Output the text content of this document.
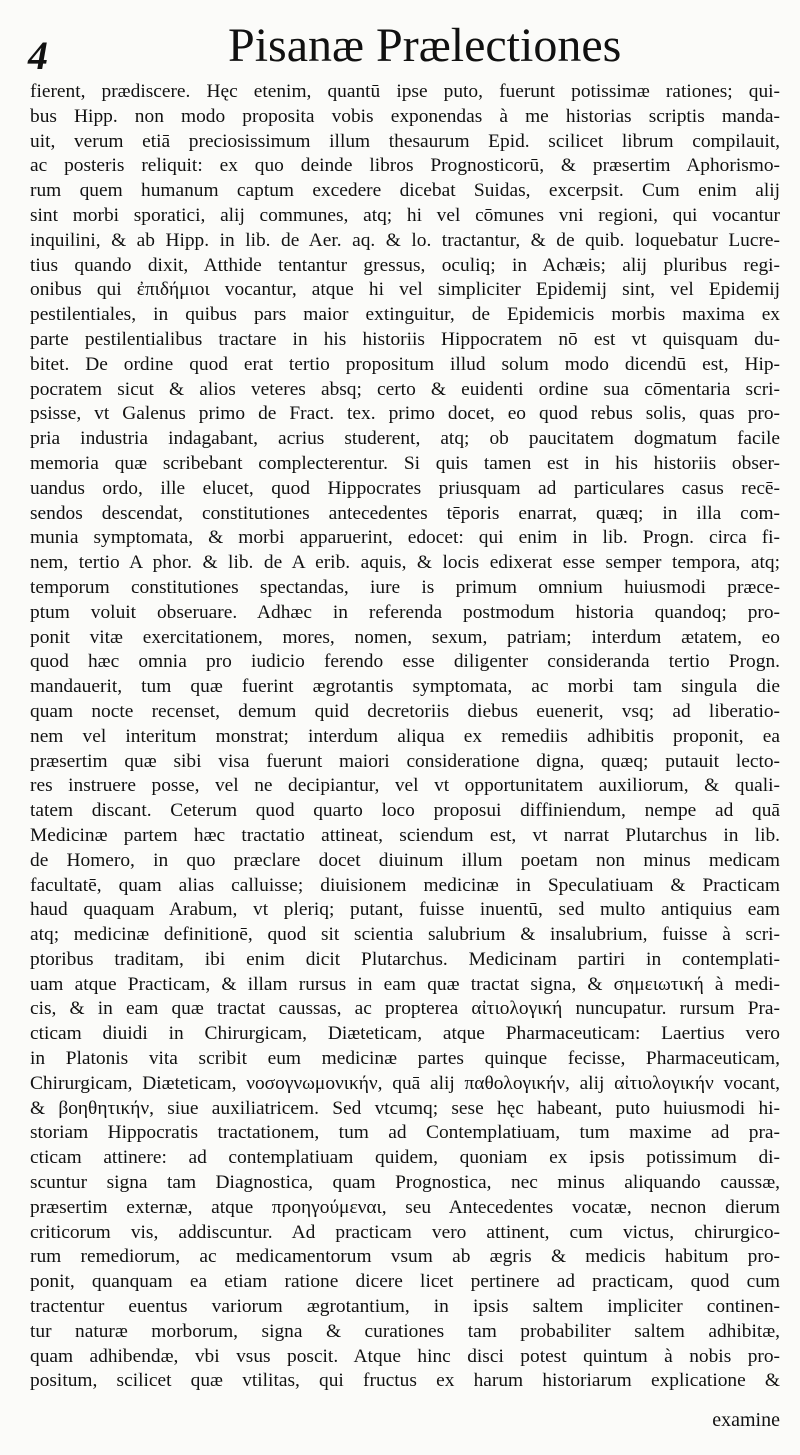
4	Pisanæ Prælectiones
fierent, prædiscere. Hęc etenim, quantū ipse puto, fuerunt potissimæ rationes; qui-
bus Hipp. non modo proposita vobis exponendas à me historias scriptis manda-
uit, verum etiā preciosissimum illum thesaurum Epid. scilicet librum compilauit,
ac posteris reliquit: ex quo deinde libros Prognosticorū, & præsertim Aphorismo-
rum quem humanum captum excedere dicebat Suidas, excerpsit. Cum enim alij
sint morbi sporatici, alij communes, atq; hi vel cōmunes vni regioni, qui vocantur
inquilini, & ab Hipp. in lib. de Aer. aq. & lo. tractantur, & de quib. loquebatur Lucre-
tius quando dixit, Atthide tentantur gressus, oculiq; in Achæis; alij pluribus regi-
onibus qui ἐπιδήμιοι vocantur, atque hi vel simpliciter Epidemij sint, vel Epidemij
pestilentiales, in quibus pars maior extinguitur, de Epidemicis morbis maxima ex
parte pestilentialibus tractare in his historiis Hippocratem nō est vt quisquam du-
bitet. De ordine quod erat tertio propositum illud solum modo dicendū est, Hip-
pocratem sicut & alios veteres absq; certo & euidenti ordine sua cōmentaria scri-
psisse, vt Galenus primo de Fract. tex. primo docet, eo quod rebus solis, quas pro-
pria industria indagabant, acrius studerent, atq; ob paucitatem dogmatum facile
memoria quæ scribebant complecterentur. Si quis tamen est in his historiis obser-
uandus ordo, ille elucet, quod Hippocrates priusquam ad particulares casus recē-
sendos descendat, constitutiones antecedentes tēporis enarrat, quæq; in illa com-
munia symptomata, & morbi apparuerint, edocet: qui enim in lib. Progn. circa fi-
nem, tertio A phor. & lib. de A erib. aquis, & locis edixerat esse semper tempora, atq;
temporum constitutiones spectandas, iure is primum omnium huiusmodi præce-
ptum voluit obseruare. Adhæc in referenda postmodum historia quandoq; pro-
ponit vitæ exercitationem, mores, nomen, sexum, patriam; interdum ætatem, eo
quod hæc omnia pro iudicio ferendo esse diligenter consideranda tertio Progn.
mandauerit, tum quæ fuerint ægrotantis symptomata, ac morbi tam singula die
quam nocte recenset, demum quid decretoriis diebus euenerit, vsq; ad liberatio-
nem vel interitum monstrat; interdum aliqua ex remediis adhibitis proponit, ea
præsertim quæ sibi visa fuerunt maiori consideratione digna, quæq; putauit lecto-
res instruere posse, vel ne decipiantur, vel vt opportunitatem auxiliorum, & quali-
tatem discant. Ceterum quod quarto loco proposui diffiniendum, nempe ad quā
Medicinæ partem hæc tractatio attineat, sciendum est, vt narrat Plutarchus in lib.
de Homero, in quo præclare docet diuinum illum poetam non minus medicam
facultatē, quam alias calluisse; diuisionem medicinæ in Speculatiuam & Practicam
haud quaquam Arabum, vt pleriq; putant, fuisse inuentū, sed multo antiquius eam
atq; medicinæ definitionē, quod sit scientia salubrium & insalubrium, fuisse à scri-
ptoribus traditam, ibi enim dicit Plutarchus. Medicinam partiri in contemplati-
uam atque Practicam, & illam rursus in eam quæ tractat signa, & σημειωτική à medi-
cis, & in eam quæ tractat caussas, ac propterea αἰτιολογική nuncupatur. rursum Pra-
cticam diuidi in Chirurgicam, Diæteticam, atque Pharmaceuticam: Laertius vero
in Platonis vita scribit eum medicinæ partes quinque fecisse, Pharmaceuticam,
Chirurgicam, Diæteticam, νοσογνωμονικήν, quā alij παθολογικήν, alij αἰτιολογικήν vocant,
& βοηθητικήν, siue auxiliatricem. Sed vtcumq; sese hęc habeant, puto huiusmodi hi-
storiam Hippocratis tractationem, tum ad Contemplatiuam, tum maxime ad pra-
cticam attinere: ad contemplatiuam quidem, quoniam ex ipsis potissimum di-
scuntur signa tam Diagnostica, quam Prognostica, nec minus aliquando caussæ,
præsertim externæ, atque προηγούμεναι, seu Antecedentes vocatæ, necnon dierum
criticorum vis, addiscuntur. Ad practicam vero attinent, cum victus, chirurgico-
rum remediorum, ac medicamentorum vsum ab ægris & medicis habitum pro-
ponit, quanquam ea etiam ratione dicere licet pertinere ad practicam, quod cum
tractentur euentus variorum ægrotantium, in ipsis saltem impliciter continen-
tur naturæ morborum, signa & curationes tam probabiliter saltem adhibitæ,
quam adhibendæ, vbi vsus poscit. Atque hinc disci potest quintum à nobis pro-
positum, scilicet quæ vtilitas, qui fructus ex harum historiarum explicatione &
examine
